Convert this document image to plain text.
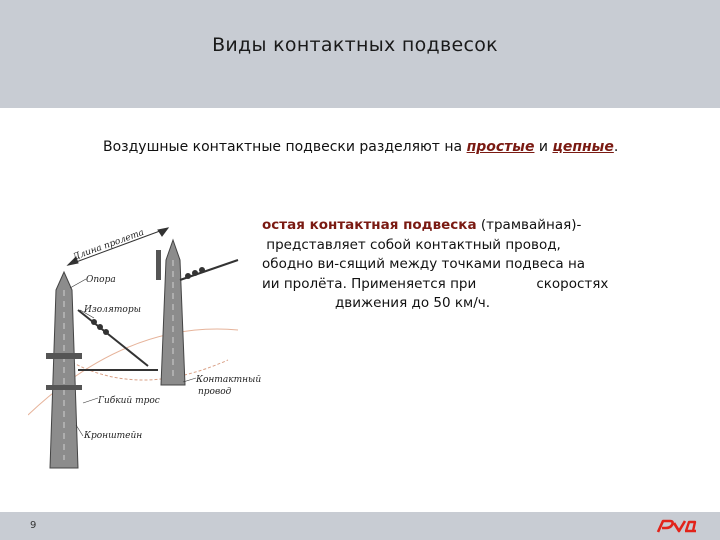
Виды контактных подвесок
Воздушные контактные подвески разделяют на простые и цепные.
Длина пролета
Опора
Изоляторы
Контактный
провод
Гибкий трос
Кронштейн
остая контактная подвеска (трамвайная)-
представляет собой контактный провод,
ободно ви-сящий между точками подвеса на
ии пролёта. Применяется при              скоростях
движения до 50 км/ч.
9
